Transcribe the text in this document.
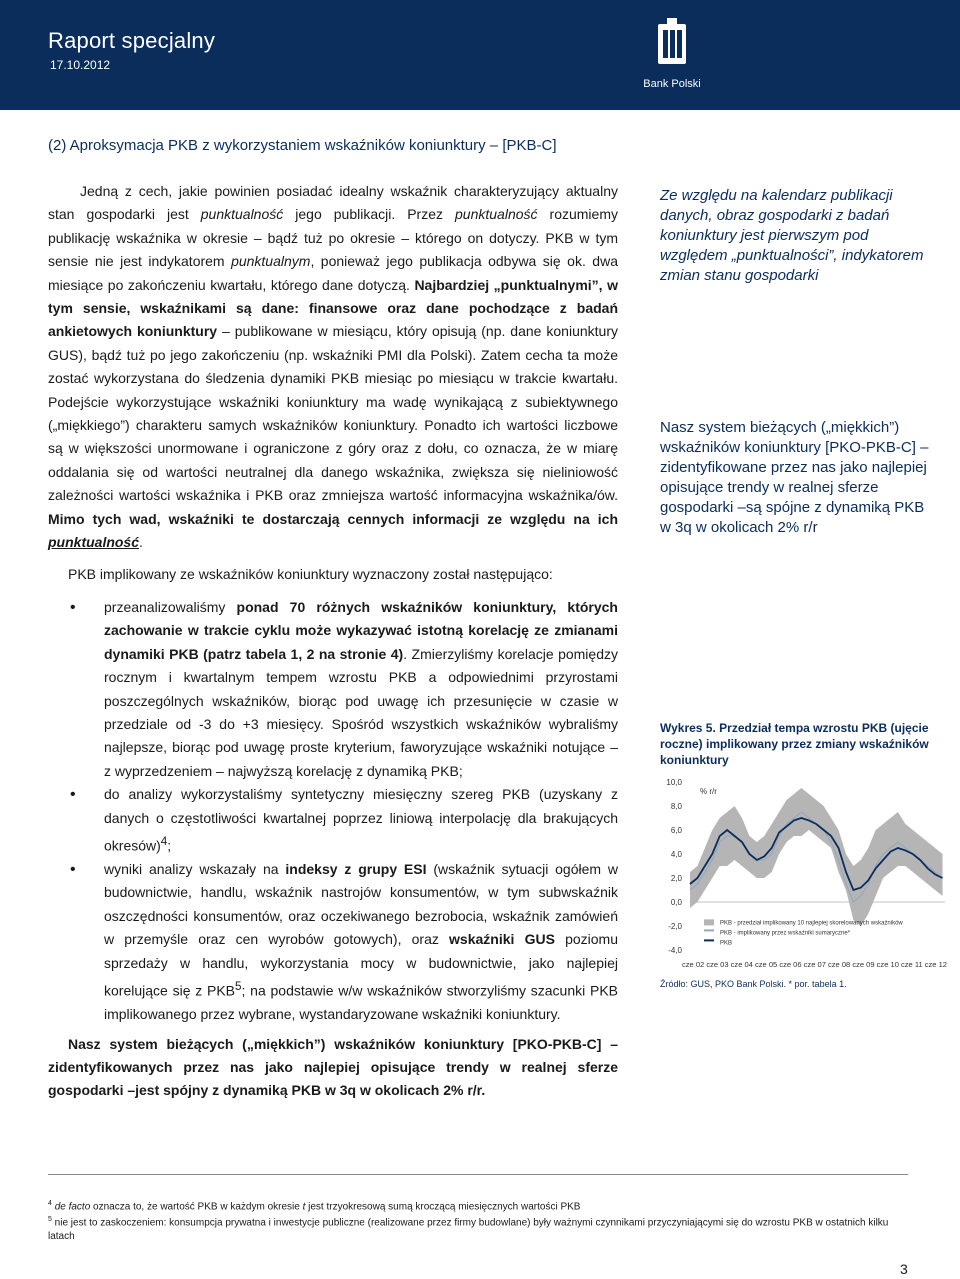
Raport specjalny
17.10.2012
Bank Polski
(2) Aproksymacja PKB z wykorzystaniem wskaźników koniunktury – [PKB-C]

Jedną z cech, jakie powinien posiadać idealny wskaźnik charakteryzujący aktualny stan gospodarki jest punktualność jego publikacji. Przez punktualność rozumiemy publikację wskaźnika w okresie – bądź tuż po okresie – którego on dotyczy. PKB w tym sensie nie jest indykatorem punktualnym, ponieważ jego publikacja odbywa się ok. dwa miesiące po zakończeniu kwartału, którego dane dotyczą. Najbardziej „punktualnymi”, w tym sensie, wskaźnikami są dane: finansowe oraz dane pochodzące z badań ankietowych koniunktury – publikowane w miesiącu, który opisują (np. dane koniunktury GUS), bądź tuż po jego zakończeniu (np. wskaźniki PMI dla Polski). Zatem cecha ta może zostać wykorzystana do śledzenia dynamiki PKB miesiąc po miesiącu w trakcie kwartału. Podejście wykorzystujące wskaźniki koniunktury ma wadę wynikającą z subiektywnego („miękkiego”) charakteru samych wskaźników koniunktury. Ponadto ich wartości liczbowe są w większości unormowane i ograniczone z góry oraz z dołu, co oznacza, że w miarę oddalania się od wartości neutralnej dla danego wskaźnika, zwiększa się nieliniowość zależności wartości wskaźnika i PKB oraz zmniejsza wartość informacyjna wskaźnika/ów. Mimo tych wad, wskaźniki te dostarczają cennych informacji ze względu na ich punktualność.

PKB implikowany ze wskaźników koniunktury wyznaczony został następująco:

• przeanalizowaliśmy ponad 70 różnych wskaźników koniunktury, których zachowanie w trakcie cyklu może wykazywać istotną korelację ze zmianami dynamiki PKB (patrz tabela 1, 2 na stronie 4). Zmierzyliśmy korelacje pomiędzy rocznym i kwartalnym tempem wzrostu PKB a odpowiednimi przyrostami poszczególnych wskaźników, biorąc pod uwagę ich przesunięcie w czasie w przedziale od -3 do +3 miesięcy. Spośród wszystkich wskaźników wybraliśmy najlepsze, biorąc pod uwagę proste kryterium, faworyzujące wskaźniki notujące – z wyprzedzeniem – najwyższą korelację z dynamiką PKB;
• do analizy wykorzystaliśmy syntetyczny miesięczny szereg PKB (uzyskany z danych o częstotliwości kwartalnej poprzez liniową interpolację dla brakujących okresów)$^4$;
• wyniki analizy wskazały na indeksy z grupy ESI (wskaźnik sytuacji ogółem w budownictwie, handlu, wskaźnik nastrojów konsumentów, w tym subwskaźnik oszczędności konsumentów, oraz oczekiwanego bezrobocia, wskaźnik zamówień w przemyśle oraz cen wyrobów gotowych), oraz wskaźniki GUS poziomu sprzedaży w handlu, wykorzystania mocy w budownictwie, jako najlepiej korelujące się z PKB$^5$; na podstawie w/w wskaźników stworzyliśmy szacunki PKB implikowanego przez wybrane, wystandaryzowane wskaźniki koniunktury.

Nasz system bieżących („miękkich”) wskaźników koniunktury [PKO-PKB-C] – zidentyfikowanych przez nas jako najlepiej opisujące trendy w realnej sferze gospodarki –jest spójny z dynamiką PKB w 3q w okolicach 2% r/r.

Ze względu na kalendarz publikacji danych, obraz gospodarki z badań koniunktury jest pierwszym pod względem „punktualności”, indykatorem zmian stanu gospodarki
Nasz system bieżących („miękkich”) wskaźników koniunktury [PKO-PKB-C] – zidentyfikowane przez nas jako najlepiej opisujące trendy w realnej sferze gospodarki –są spójne z dynamiką PKB w 3q w okolicach 2% r/r
Wykres 5. Przedział tempa wzrostu PKB (ujęcie roczne) implikowany przez zmiany wskaźników koniunktury
10,0
8,0
6,0
4,0
2,0
0,0
-2,0
-4,0
% r/r
PKB - przedział implikowany 10 najlepiej skorelowanych wskaźników
PKB - implikowany przez wskaźniki sumaryczne*
PKB
cze 02 cze 03 cze 04 cze 05 cze 06 cze 07 cze 08 cze 09 cze 10 cze 11 cze 12
Źródło: GUS, PKO Bank Polski. * por. tabela 1.

$^4$ de facto oznacza to, że wartość PKB w każdym okresie t jest trzyokresową sumą kroczącą miesięcznych wartości PKB

$^5$ nie jest to zaskoczeniem: konsumpcja prywatna i inwestycje publiczne (realizowane przez firmy budowlane) były ważnymi czynnikami przyczyniającymi się do wzrostu PKB w ostatnich kilku latach

3
